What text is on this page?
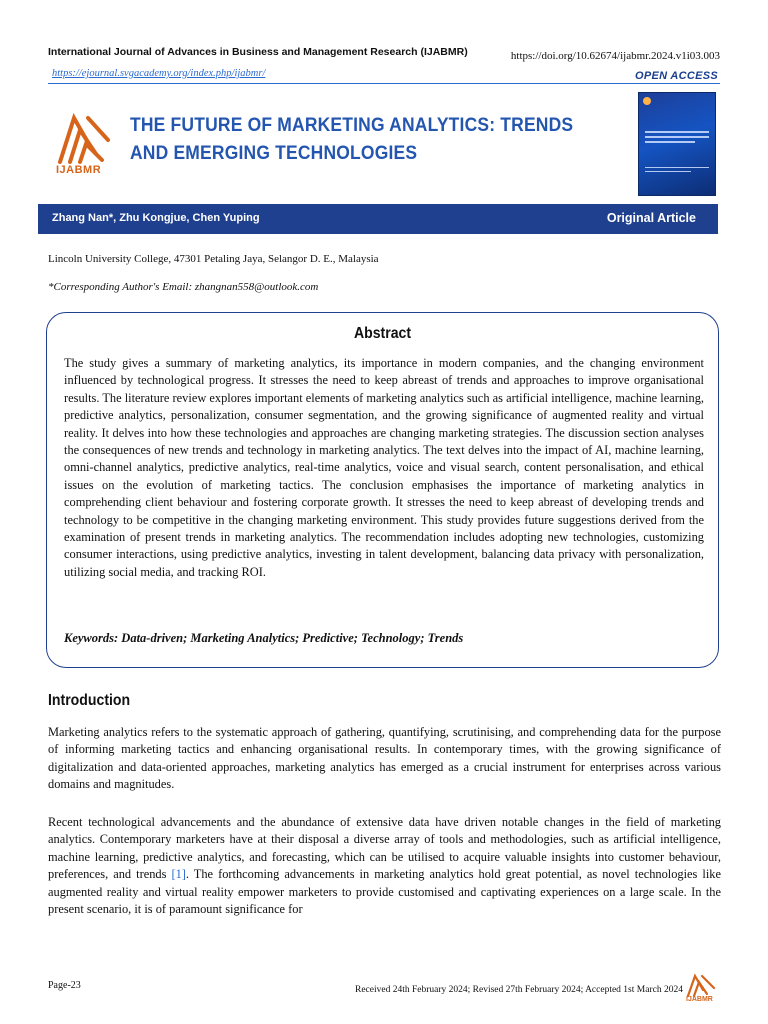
International Journal of Advances in Business and Management Research (IJABMR)	https://doi.org/10.62674/ijabmr.2024.v1i03.003
https://ejournal.svgacademy.org/index.php/ijabmr/	OPEN ACCESS
IJABMR
THE FUTURE OF MARKETING ANALYTICS: TRENDS AND EMERGING TECHNOLOGIES
Zhang Nan*, Zhu Kongjue, Chen Yuping	Original Article
Lincoln University College, 47301 Petaling Jaya, Selangor D. E., Malaysia
*Corresponding Author's Email: zhangnan558@outlook.com
Abstract
The study gives a summary of marketing analytics, its importance in modern companies, and the changing environment influenced by technological progress. It stresses the need to keep abreast of trends and approaches to improve organisational results. The literature review explores important elements of marketing analytics such as artificial intelligence, machine learning, predictive analytics, personalization, consumer segmentation, and the growing significance of augmented reality and virtual reality. It delves into how these technologies and approaches are changing marketing strategies. The discussion section analyses the consequences of new trends and technology in marketing analytics. The text delves into the impact of AI, machine learning, omni-channel analytics, predictive analytics, real-time analytics, voice and visual search, content personalisation, and ethical issues on the evolution of marketing tactics. The conclusion emphasises the importance of marketing analytics in comprehending client behaviour and fostering corporate growth. It stresses the need to keep abreast of developing trends and technology to be competitive in the changing marketing environment. This study provides future suggestions derived from the examination of present trends in marketing analytics. The recommendation includes adopting new technologies, customizing consumer interactions, using predictive analytics, investing in talent development, balancing data privacy with personalization, utilizing social media, and tracking ROI.
Keywords: Data-driven; Marketing Analytics; Predictive; Technology; Trends
Introduction
Marketing analytics refers to the systematic approach of gathering, quantifying, scrutinising, and comprehending data for the purpose of informing marketing tactics and enhancing organisational results. In contemporary times, with the growing significance of digitalization and data-oriented approaches, marketing analytics has emerged as a crucial instrument for enterprises across various domains and magnitudes.
Recent technological advancements and the abundance of extensive data have driven notable changes in the field of marketing analytics. Contemporary marketers have at their disposal a diverse array of tools and methodologies, such as artificial intelligence, machine learning, predictive analytics, and forecasting, which can be utilised to acquire valuable insights into customer behaviour, preferences, and trends [1]. The forthcoming advancements in marketing analytics hold great potential, as novel technologies like augmented reality and virtual reality empower marketers to provide customised and captivating experiences on a large scale. In the present scenario, it is of paramount significance for
Page-23	Received 24th February 2024; Revised 27th February 2024; Accepted 1st March 2024
IJABMR
